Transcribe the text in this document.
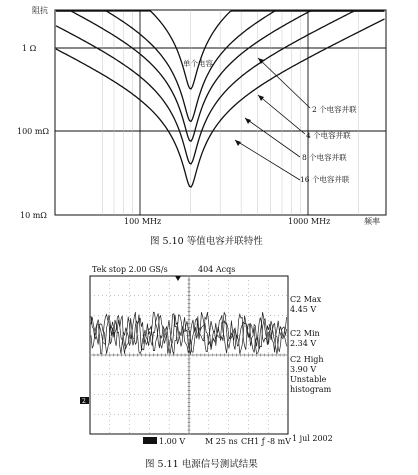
阻抗
1 Ω
100 mΩ
10 mΩ
100 MHz	1000 MHz	频率
单个电容
2 个电容并联
4 个电容并联
8 个电容并联
16 个电容并联
图 5.10 等值电容并联特性
Tek stop 2.00 GS/s	404 Acqs
2
C2 Max
4.45 V
C2 Min
2.34 V
C2 High
3.90 V
Unstable
histogram
1.00 V M 25 ns CH1 ƒ -8 mV 1 jul 2002
图 5.11 电源信号测试结果
